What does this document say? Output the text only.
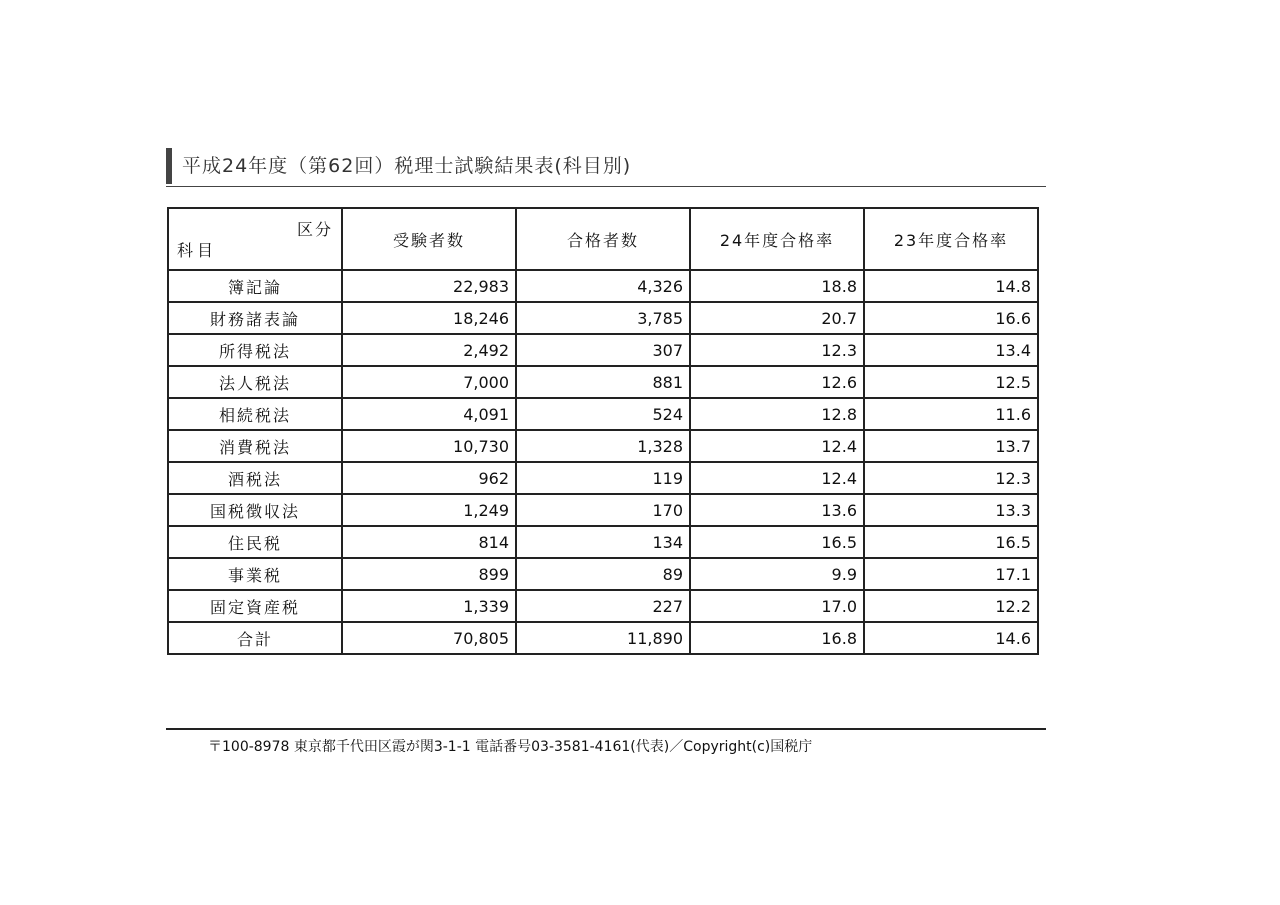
平成24年度（第62回）税理士試験結果表(科目別)
区分
科目	受験者数	合格者数	24年度合格率	23年度合格率
簿記論	22,983	4,326	18.8	14.8
財務諸表論	18,246	3,785	20.7	16.6
所得税法	2,492	307	12.3	13.4
法人税法	7,000	881	12.6	12.5
相続税法	4,091	524	12.8	11.6
消費税法	10,730	1,328	12.4	13.7
酒税法	962	119	12.4	12.3
国税徴収法	1,249	170	13.6	13.3
住民税	814	134	16.5	16.5
事業税	899	89	9.9	17.1
固定資産税	1,339	227	17.0	12.2
合計	70,805	11,890	16.8	14.6
〒100-8978 東京都千代田区霞が関3-1-1 電話番号03-3581-4161(代表)／Copyright(c)国税庁
